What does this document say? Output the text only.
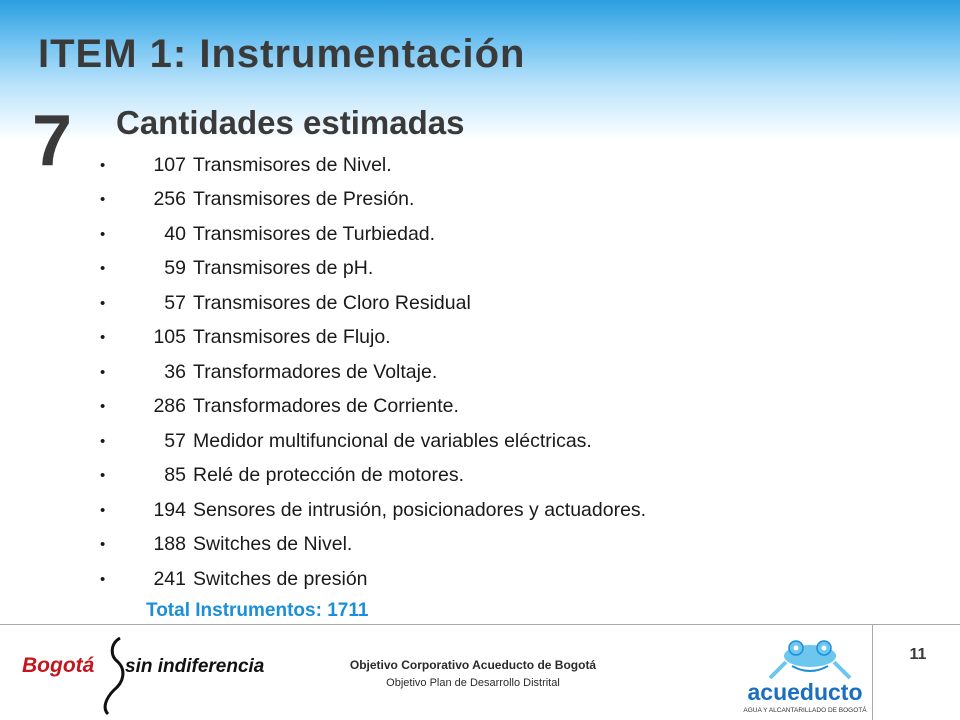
ITEM 1: Instrumentación
7 Cantidades estimadas
•	107 Transmisores de Nivel.
•	256 Transmisores de Presión.
•	40 Transmisores de Turbiedad.
•	59 Transmisores de pH.
•	57 Transmisores de Cloro Residual
•	105 Transmisores de Flujo.
•	36 Transformadores de Voltaje.
•	286 Transformadores de Corriente.
•	57 Medidor multifuncional de variables eléctricas.
•	85 Relé de protección de motores.
•	194 Sensores de intrusión, posicionadores y actuadores.
•	188 Switches de Nivel.
•	241 Switches de presión
Total Instrumentos: 1711
Bogotá sin indiferencia	Objetivo Corporativo Acueducto de Bogotá
Objetivo Plan de Desarrollo Distrital
11
acueducto
AGUA Y ALCANTARILLADO DE BOGOTÁ
